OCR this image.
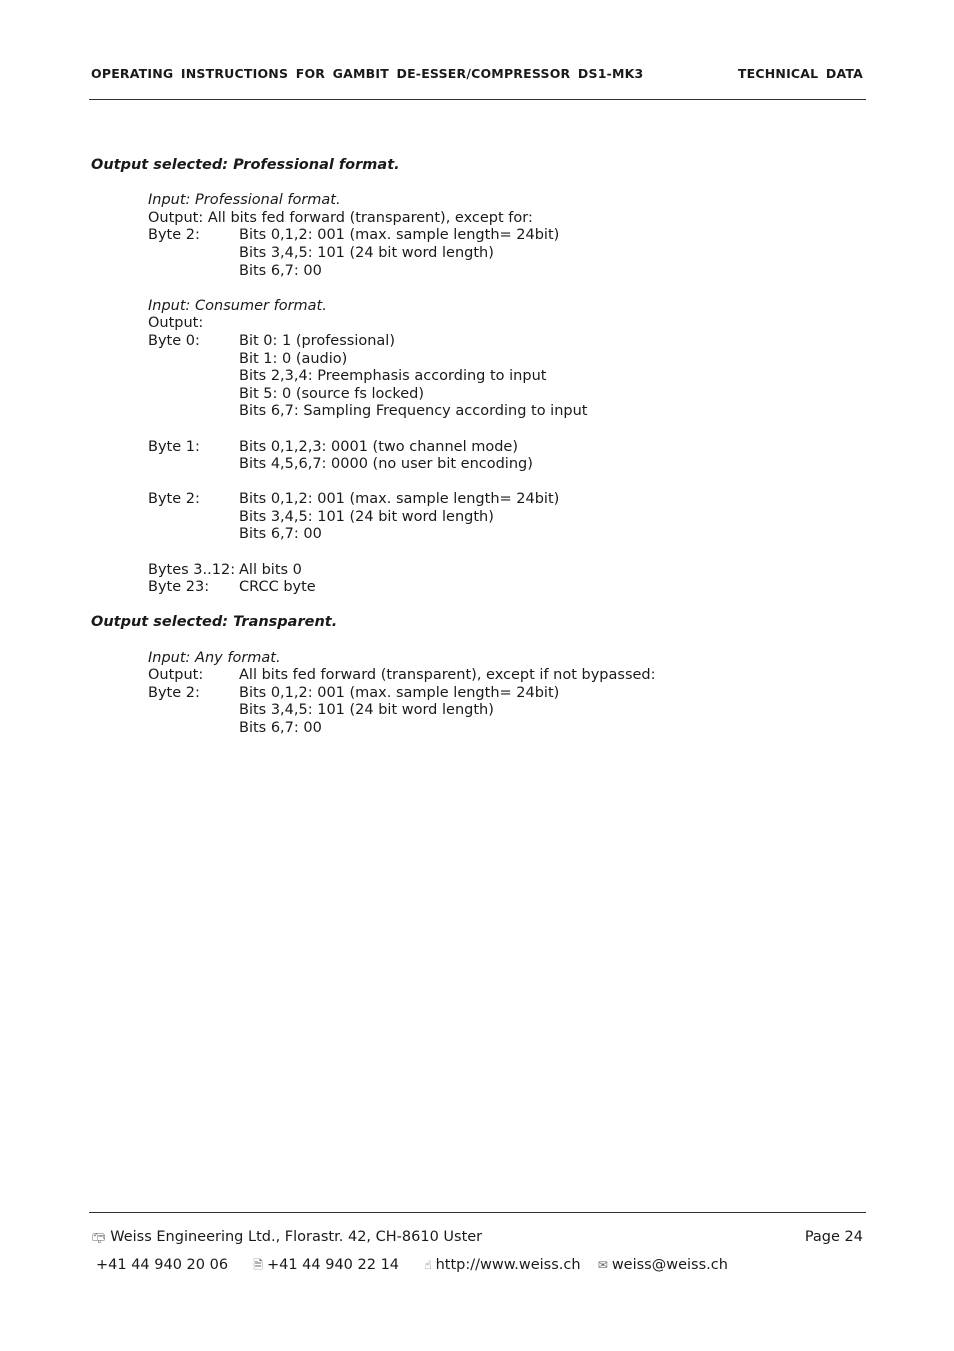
OPERATING INSTRUCTIONS FOR GAMBIT DE-ESSER/COMPRESSOR DS1-MK3	TECHNICAL DATA
Output selected: Professional format.
Input: Professional format.
Output: All bits fed forward (transparent), except for:
Byte 2:	Bits 0,1,2: 001 (max. sample length= 24bit)
Bits 3,4,5: 101 (24 bit word length)
Bits 6,7: 00
Input: Consumer format.
Output:
Byte 0:	Bit 0: 1 (professional)
Bit 1: 0 (audio)
Bits 2,3,4: Preemphasis according to input
Bit 5: 0 (source fs locked)
Bits 6,7: Sampling Frequency according to input
Byte 1:	Bits 0,1,2,3: 0001 (two channel mode)
Bits 4,5,6,7: 0000 (no user bit encoding)
Byte 2:	Bits 0,1,2: 001 (max. sample length= 24bit)
Bits 3,4,5: 101 (24 bit word length)
Bits 6,7: 00
Bytes 3..12: All bits 0
Byte 23:	CRCC byte
Output selected: Transparent.
Input: Any format.
Output:	All bits fed forward (transparent), except if not bypassed:
Byte 2:	Bits 0,1,2: 001 (max. sample length= 24bit)
Bits 3,4,5: 101 (24 bit word length)
Bits 6,7: 00
📪︎ Weiss Engineering Ltd., Florastr. 42, CH-8610 Uster	Page 24
+41 44 940 20 06 🗎 +41 44 940 22 14 ☝ http://www.weiss.ch ✉ weiss@weiss.ch
